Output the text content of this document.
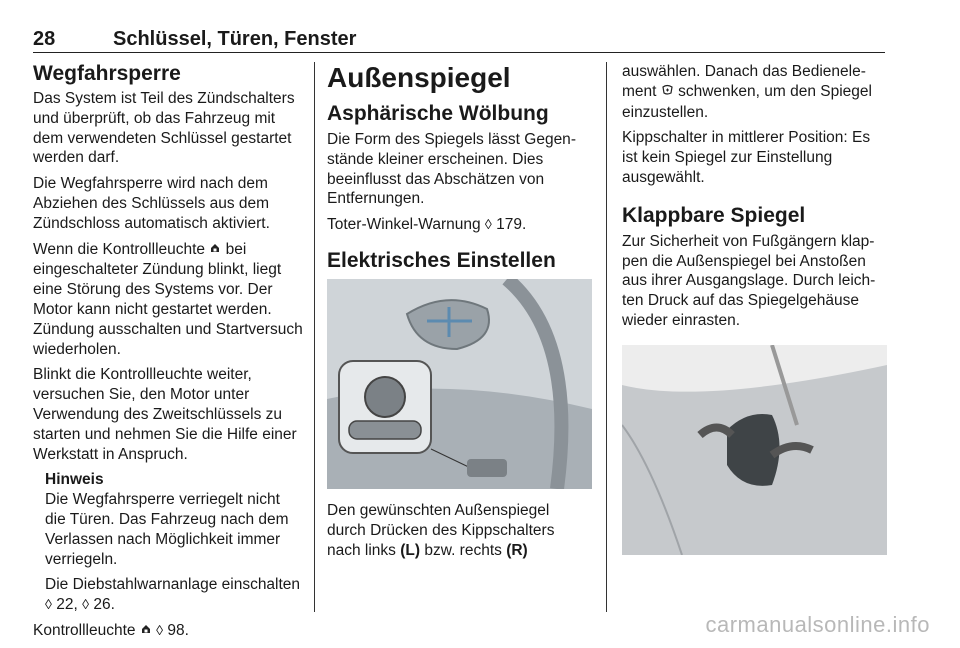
28	Schlüssel, Türen, Fenster
Wegfahrsperre

Das System ist Teil des Zündschalters und überprüft, ob das Fahrzeug mit dem verwendeten Schlüssel gestartet werden darf.

Die Wegfahrsperre wird nach dem Abziehen des Schlüssels aus dem Zündschloss automatisch aktiviert.

Wenn die Kontrollleuchte bei eingeschalteter Zündung blinkt, liegt eine Störung des Systems vor. Der Motor kann nicht gestartet werden. Zündung ausschalten und Startversuch wiederholen.

Blinkt die Kontrollleuchte weiter, versuchen Sie, den Motor unter Verwendung des Zweitschlüssels zu starten und nehmen Sie die Hilfe einer Werkstatt in Anspruch.

Hinweis

Die Wegfahrsperre verriegelt nicht die Türen. Das Fahrzeug nach dem Verlassen nach Möglichkeit immer verriegeln.

Die Diebstahlwarnanlage einschalten ◊ 22, ◊ 26.

Kontrollleuchte ◊ 98.

Außenspiegel
Asphärische Wölbung

Die Form des Spiegels lässt Gegenstände kleiner erscheinen. Dies beeinflusst das Abschätzen von Entfernungen.

Toter-Winkel-Warnung ◊ 179.

Elektrisches Einstellen

Den gewünschten Außenspiegel durch Drücken des Kippschalters nach links (L) bzw. rechts (R)

auswählen. Danach das Bedienelement schwenken, um den Spiegel einzustellen.

Kippschalter in mittlerer Position: Es ist kein Spiegel zur Einstellung ausgewählt.

Klappbare Spiegel

Zur Sicherheit von Fußgängern klappen die Außenspiegel bei Anstoßen aus ihrer Ausgangslage. Durch leichten Druck auf das Spiegelgehäuse wieder einrasten.

carmanualsonline.info
